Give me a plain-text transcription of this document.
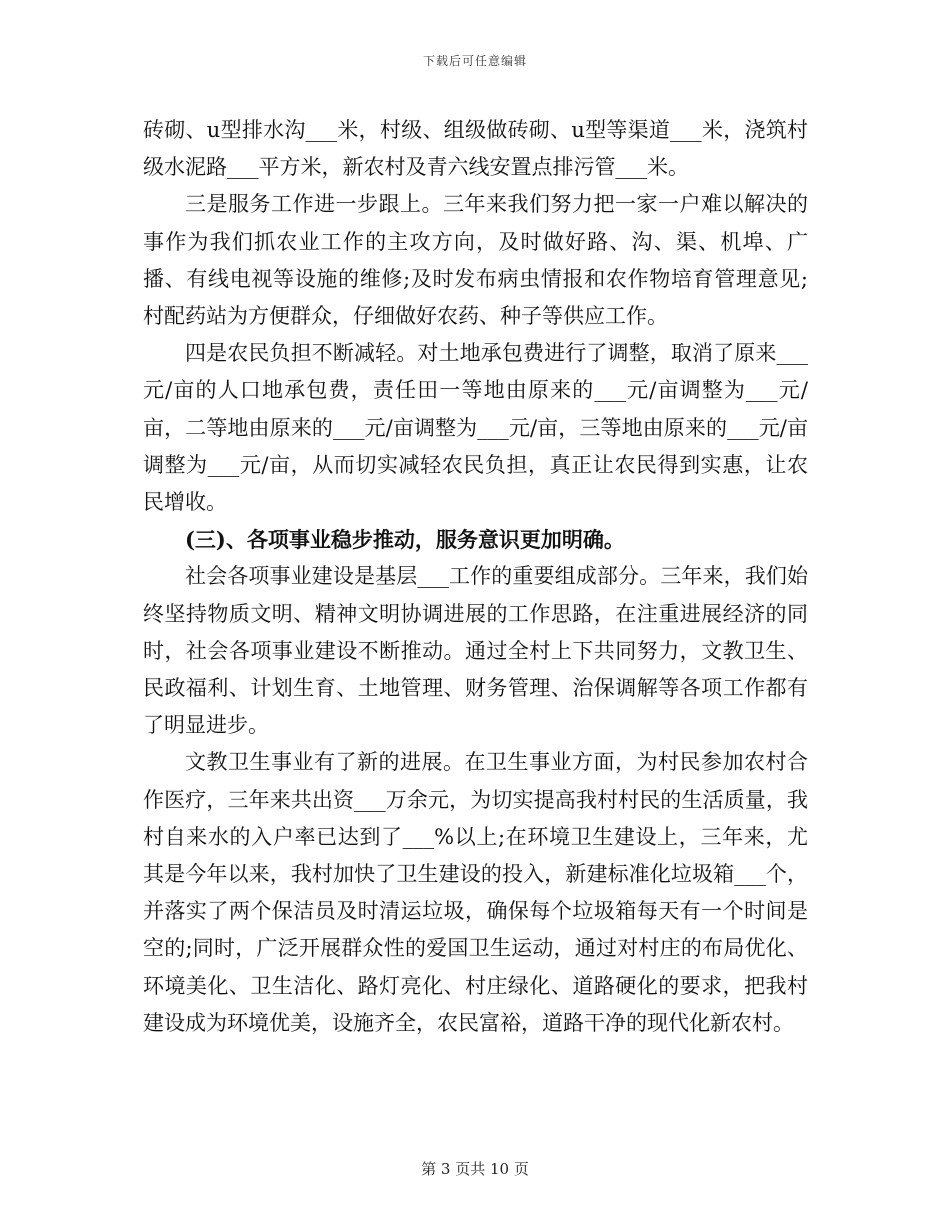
下载后可任意编辑

砖砌、u型排水沟___米，村级、组级做砖砌、u型等渠道___米，浇筑村级水泥路___平方米，新农村及青六线安置点排污管___米。

三是服务工作进一步跟上。三年来我们努力把一家一户难以解决的事作为我们抓农业工作的主攻方向，及时做好路、沟、渠、机埠、广播、有线电视等设施的维修;及时发布病虫情报和农作物培育管理意见;村配药站为方便群众，仔细做好农药、种子等供应工作。

四是农民负担不断减轻。对土地承包费进行了调整，取消了原来___元/亩的人口地承包费，责任田一等地由原来的___元/亩调整为___元/亩，二等地由原来的___元/亩调整为___元/亩，三等地由原来的___元/亩调整为___元/亩，从而切实减轻农民负担，真正让农民得到实惠，让农民增收。

(三)、各项事业稳步推动，服务意识更加明确。

社会各项事业建设是基层___工作的重要组成部分。三年来，我们始终坚持物质文明、精神文明协调进展的工作思路，在注重进展经济的同时，社会各项事业建设不断推动。通过全村上下共同努力，文教卫生、民政福利、计划生育、土地管理、财务管理、治保调解等各项工作都有了明显进步。

文教卫生事业有了新的进展。在卫生事业方面，为村民参加农村合作医疗，三年来共出资___万余元，为切实提高我村村民的生活质量，我村自来水的入户率已达到了___%以上;在环境卫生建设上，三年来，尤其是今年以来，我村加快了卫生建设的投入，新建标准化垃圾箱___个，并落实了两个保洁员及时清运垃圾，确保每个垃圾箱每天有一个时间是空的;同时，广泛开展群众性的爱国卫生运动，通过对村庄的布局优化、环境美化、卫生洁化、路灯亮化、村庄绿化、道路硬化的要求，把我村建设成为环境优美，设施齐全，农民富裕，道路干净的现代化新农村。

第 3 页共 10 页
